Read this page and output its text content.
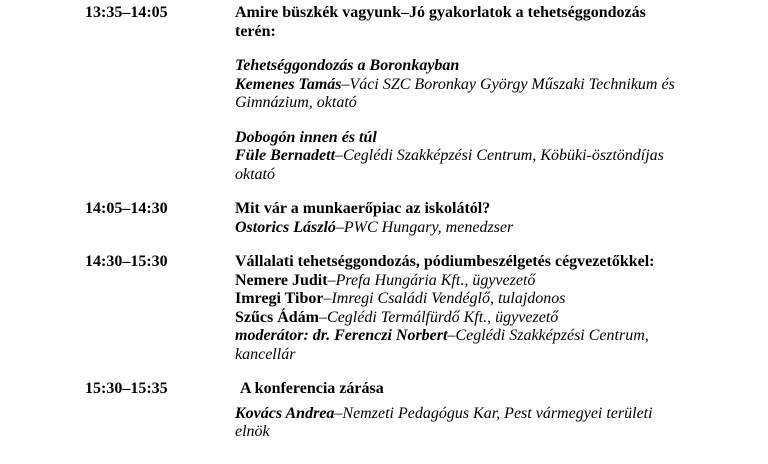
13:35–14:05	Amire büszkék vagyunk–Jó gyakorlatok a tehetséggondozás terén:

Tehetséggondozás a Boronkayban

Kemenes Tamás–Váci SZC Boronkay György Műszaki Technikum és Gimnázium, oktató

Dobogón innen és túl

Füle Bernadett–Ceglédi Szakképzési Centrum, Köbüki-ösztöndíjas oktató

14:05–14:30	Mit vár a munkaerőpiac az iskolától?

Ostorics László–PWC Hungary, menedzser

14:30–15:30	Vállalati tehetséggondozás, pódiumbeszélgetés cégvezetőkkel:

Nemere Judit–Prefa Hungária Kft., ügyvezető

Imregi Tibor–Imregi Családi Vendéglő, tulajdonos

Szűcs Ádám–Ceglédi Termálfürdő Kft., ügyvezető

moderátor: dr. Ferenczi Norbert–Ceglédi Szakképzési Centrum, kancellár

15:30–15:35	A konferencia zárása

Kovács Andrea–Nemzeti Pedagógus Kar, Pest vármegyei területi elnök
